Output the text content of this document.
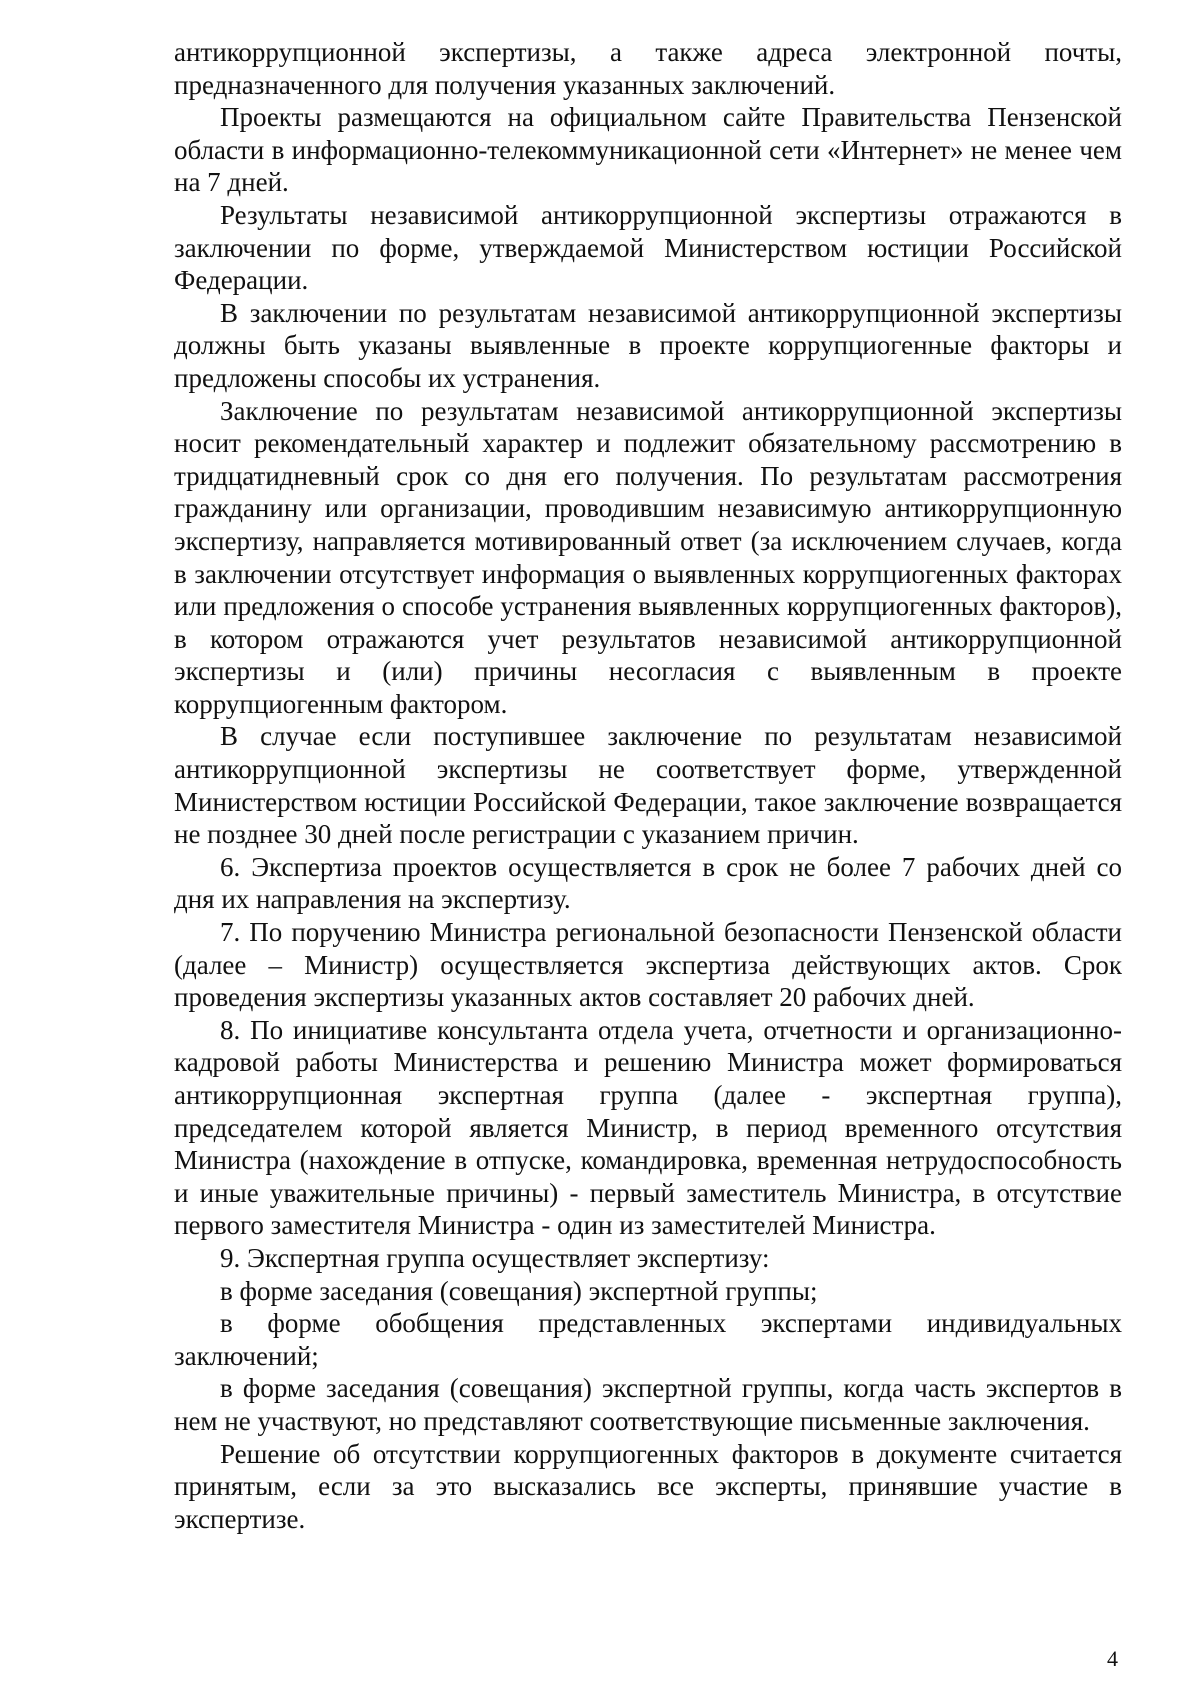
антикоррупционной экспертизы, а также адреса электронной почты, предназначенного для получения указанных заключений.

Проекты размещаются на официальном сайте Правительства Пензенской области в информационно-телекоммуникационной сети «Интернет» не менее чем на 7 дней.

Результаты независимой антикоррупционной экспертизы отражаются в заключении по форме, утверждаемой Министерством юстиции Российской Федерации.

В заключении по результатам независимой антикоррупционной экспертизы должны быть указаны выявленные в проекте коррупциогенные факторы и предложены способы их устранения.

Заключение по результатам независимой антикоррупционной экспертизы носит рекомендательный характер и подлежит обязательному рассмотрению в тридцатидневный срок со дня его получения. По результатам рассмотрения гражданину или организации, проводившим независимую антикоррупционную экспертизу, направляется мотивированный ответ (за исключением случаев, когда в заключении отсутствует информация о выявленных коррупциогенных факторах или предложения о способе устранения выявленных коррупциогенных факторов), в котором отражаются учет результатов независимой антикоррупционной экспертизы и (или) причины несогласия с выявленным в проекте коррупциогенным фактором.

В случае если поступившее заключение по результатам независимой антикоррупционной экспертизы не соответствует форме, утвержденной Министерством юстиции Российской Федерации, такое заключение возвращается не позднее 30 дней после регистрации с указанием причин.

6. Экспертиза проектов осуществляется в срок не более 7 рабочих дней со дня их направления на экспертизу.

7. По поручению Министра региональной безопасности Пензенской области (далее – Министр) осуществляется экспертиза действующих актов. Срок проведения экспертизы указанных актов составляет 20 рабочих дней.

8. По инициативе консультанта отдела учета, отчетности и организационно-кадровой работы Министерства и решению Министра может формироваться антикоррупционная экспертная группа (далее - экспертная группа), председателем которой является Министр, в период временного отсутствия Министра (нахождение в отпуске, командировка, временная нетрудоспособность и иные уважительные причины) - первый заместитель Министра, в отсутствие первого заместителя Министра - один из заместителей Министра.

9. Экспертная группа осуществляет экспертизу:

в форме заседания (совещания) экспертной группы;

в форме обобщения представленных экспертами индивидуальных заключений;

в форме заседания (совещания) экспертной группы, когда часть экспертов в нем не участвуют, но представляют соответствующие письменные заключения.

Решение об отсутствии коррупциогенных факторов в документе считается принятым, если за это высказались все эксперты, принявшие участие в экспертизе.

4
